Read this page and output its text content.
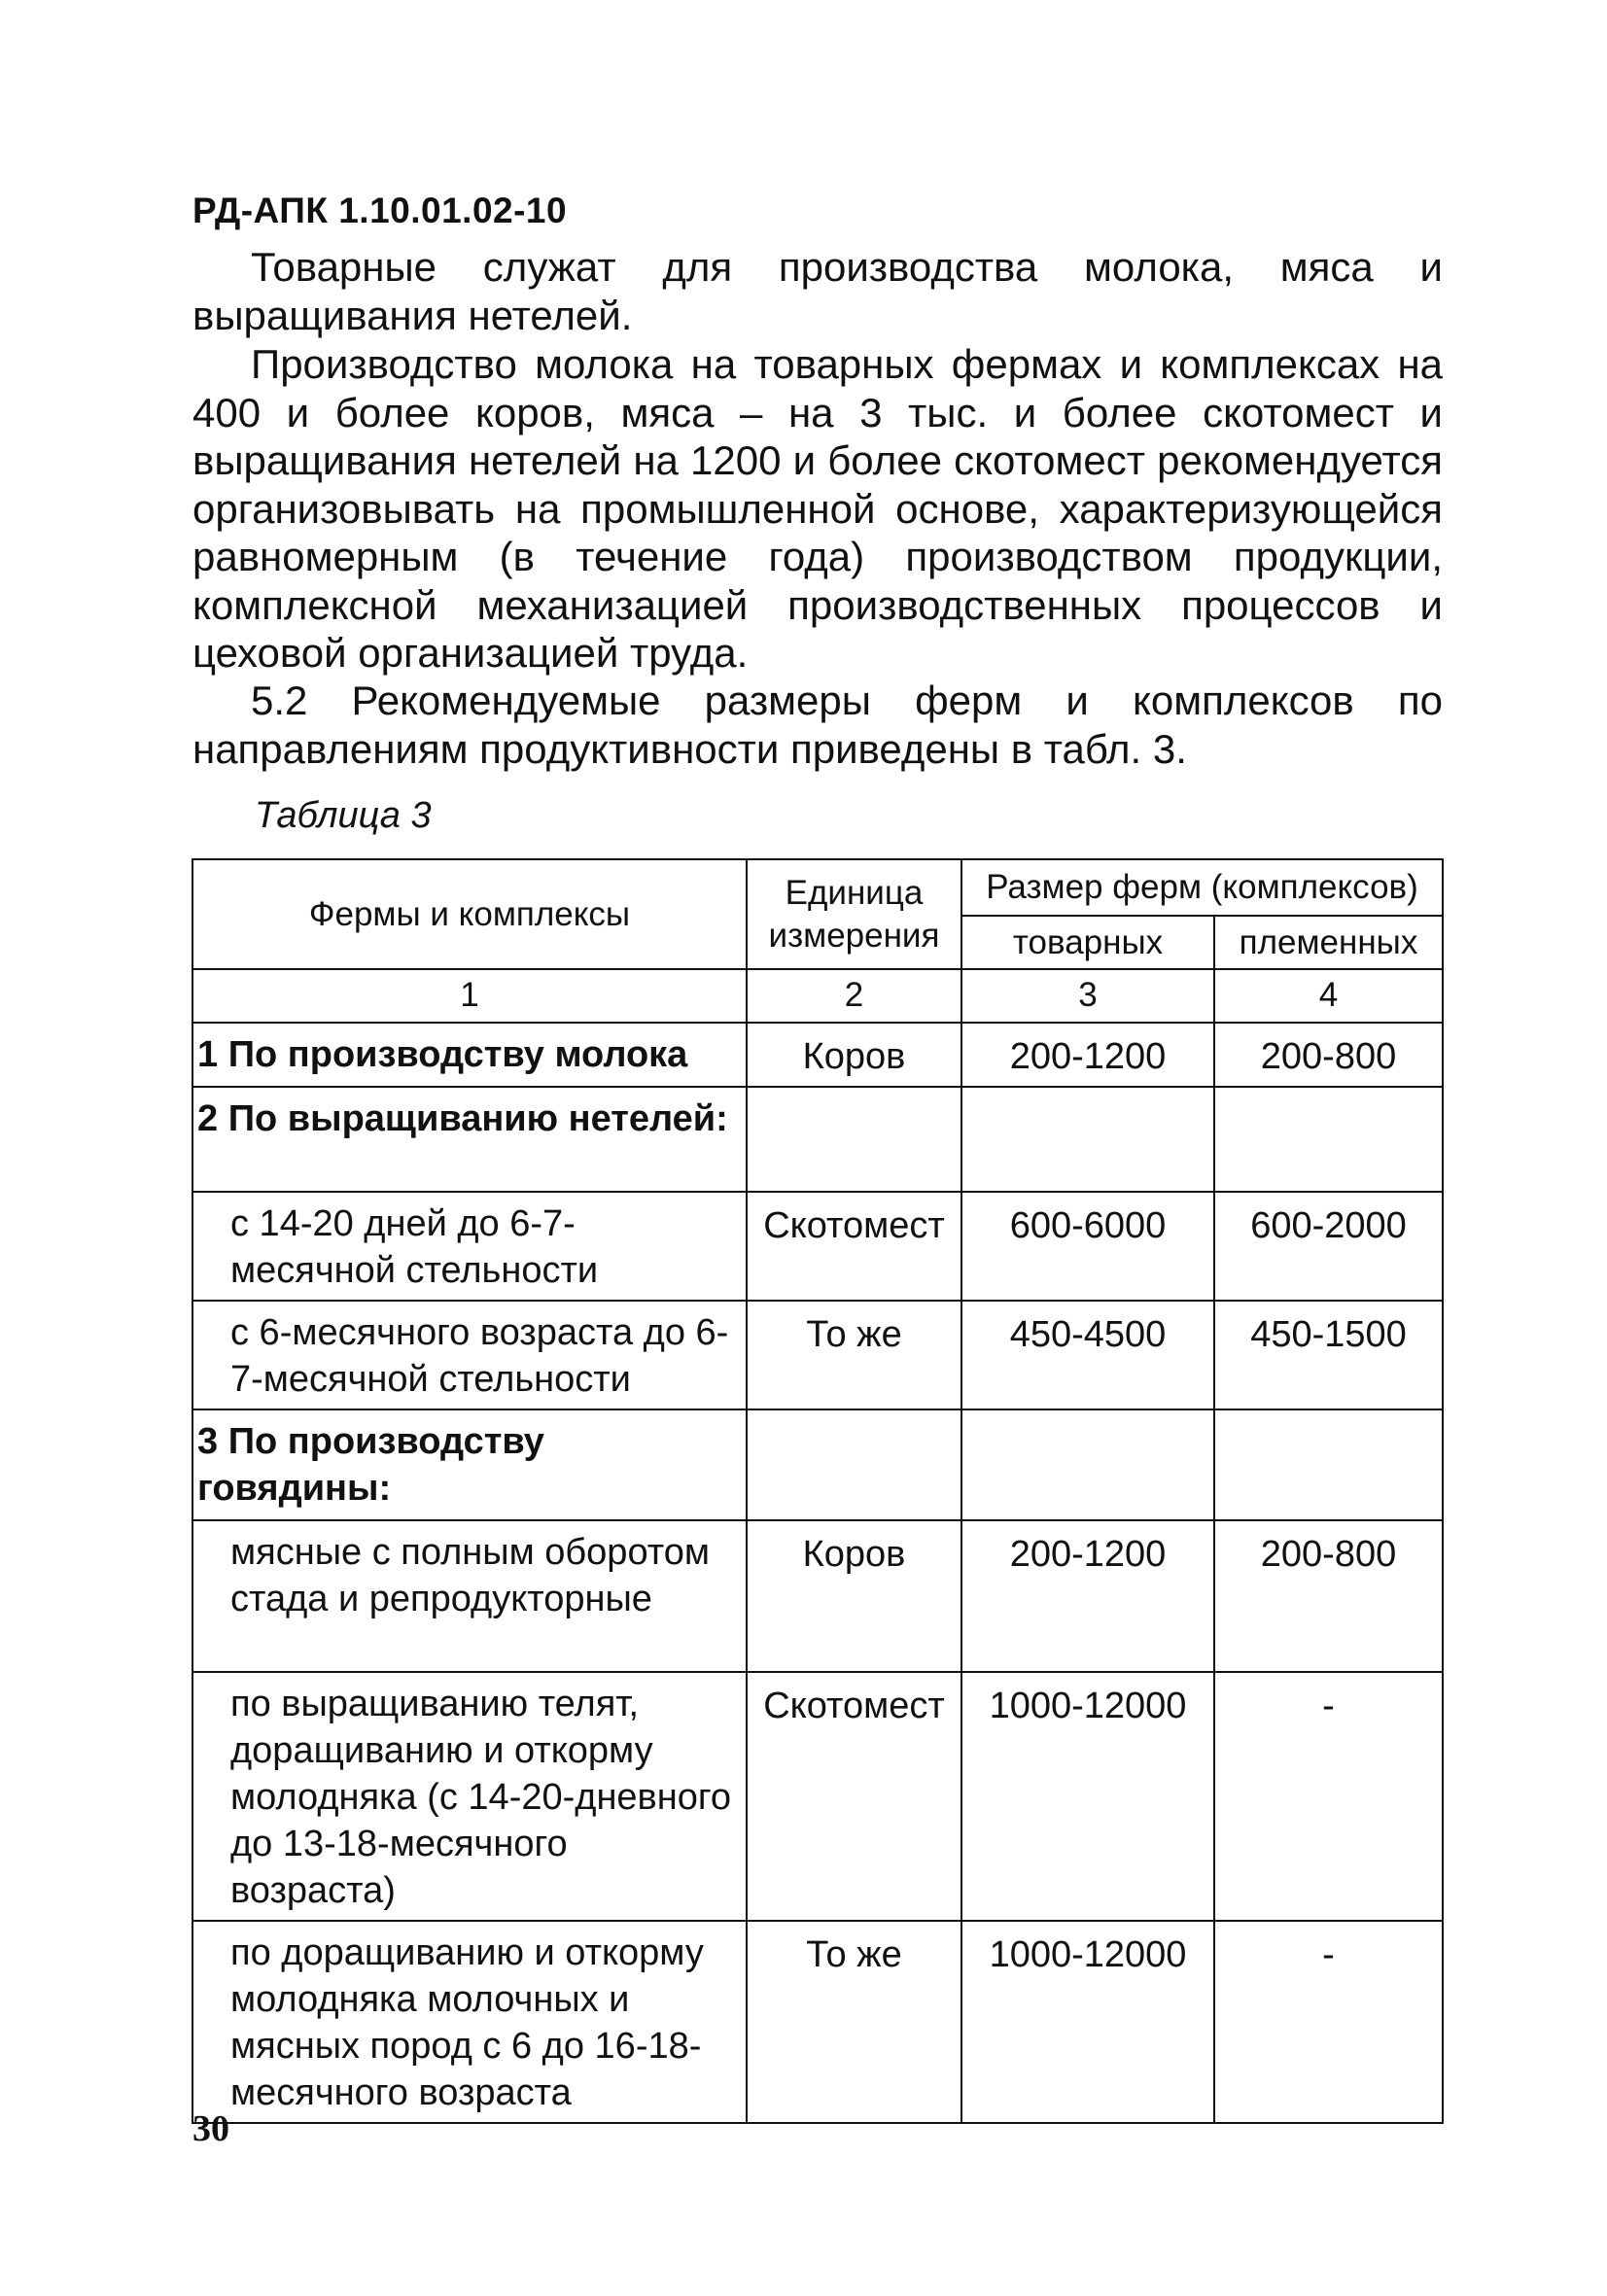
РД-АПК 1.10.01.02-10

Товарные служат для производства молока, мяса и выращивания нетелей.

Производство молока на товарных фермах и комплексах на 400 и более коров, мяса – на 3 тыс. и более скотомест и выращивания нетелей на 1200 и более скотомест рекомендуется организовывать на промышленной основе, характеризующейся равномерным (в течение года) производством продукции, комплексной механизацией производственных процессов и цеховой организацией труда.

5.2 Рекомендуемые размеры ферм и комплексов по направлениям продуктивности приведены в табл. 3.

Таблица 3
Фермы и комплексы	Единица измерения	Размер ферм (комплексов)	
		товарных	племенных
1	2	3	4
1 По производству молока	Коров	200-1200	200-800
2 По выращиванию нетелей:			
с 14-20 дней до 6-7-месячной стельности	Скотомест	600-6000	600-2000
с 6-месячного возраста до 6-7-месячной стельности	То же	450-4500	450-1500
3 По производству говядины:			
мясные с полным оборотом стада и репродукторные	Коров	200-1200	200-800
по выращиванию телят, доращиванию и откорму молодняка (с 14-20-дневного до 13-18-месячного возраста)	Скотомест	1000-12000	-
по доращиванию и откорму молодняка молочных и мясных пород с 6 до 16-18-месячного возраста	То же	1000-12000	-
30
